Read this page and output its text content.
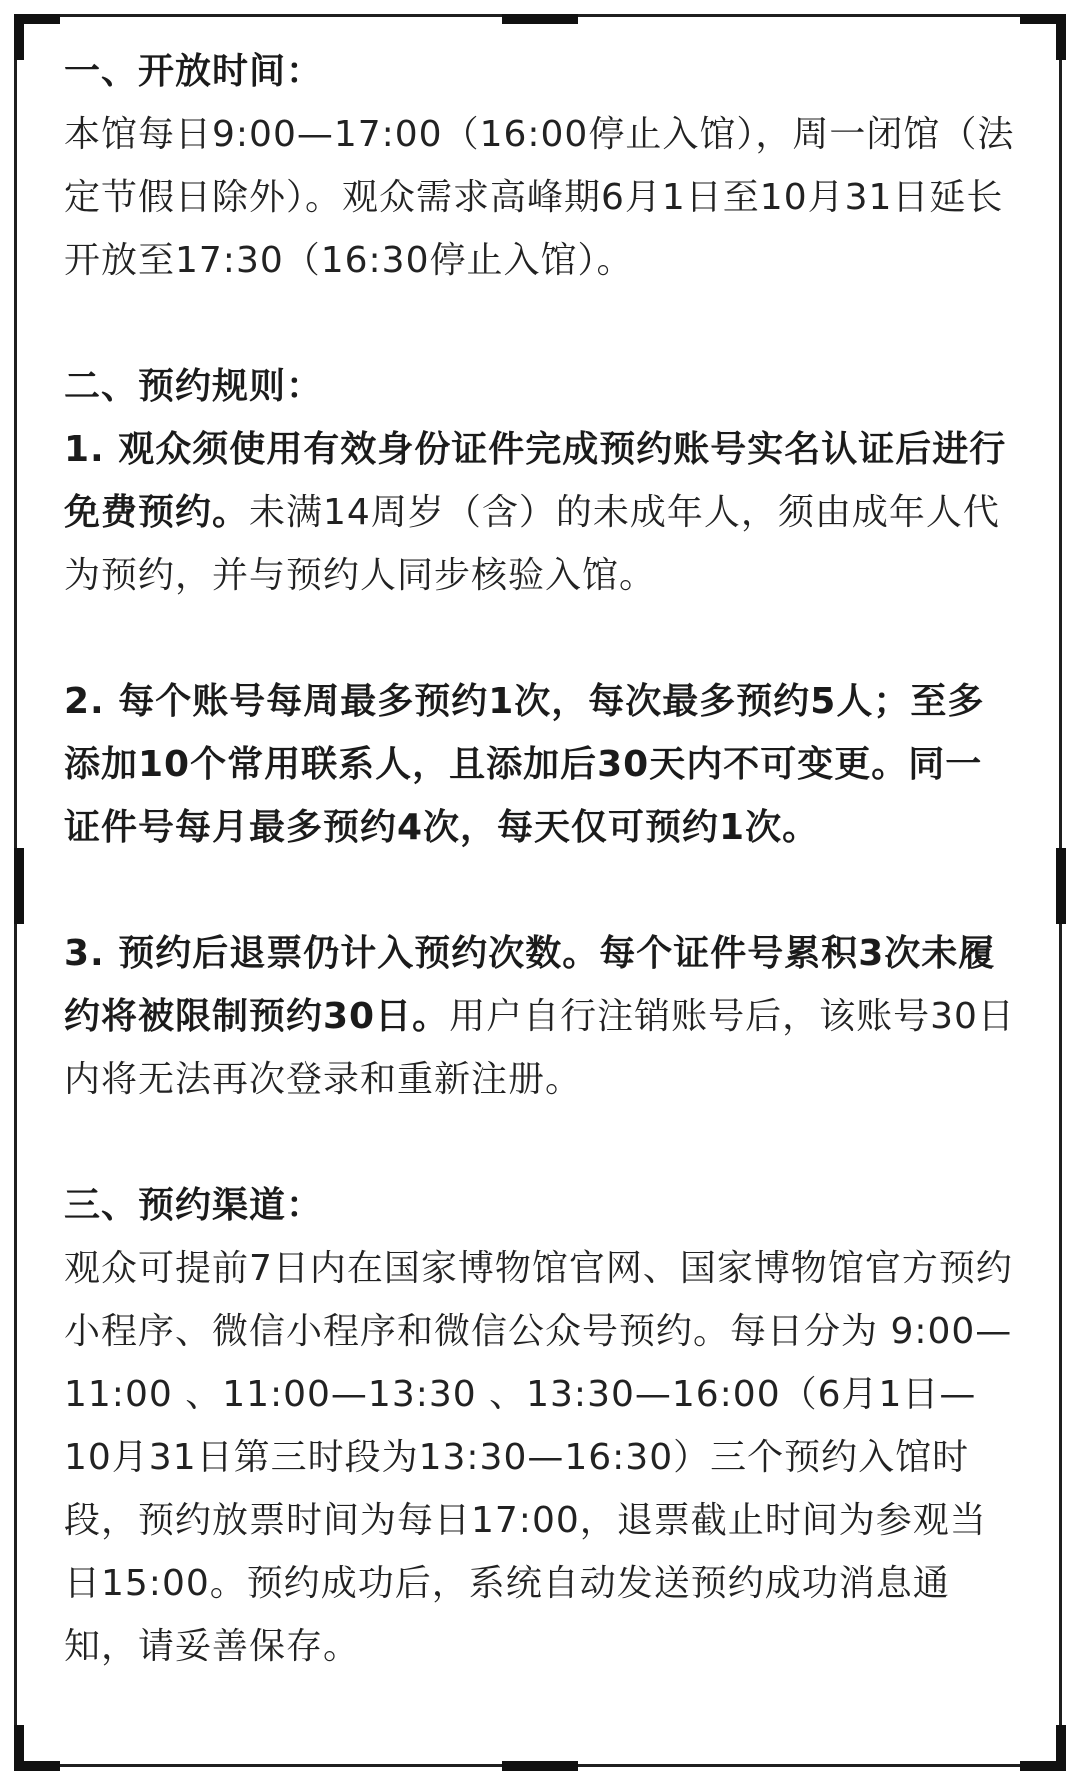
一、开放时间：

本馆每日9:00—17:00（16:00停止入馆），周一闭馆（法定节假日除外）。观众需求高峰期6月1日至10月31日延长开放至17:30（16:30停止入馆）。

二、预约规则：

1. 观众须使用有效身份证件完成预约账号实名认证后进行免费预约。未满14周岁（含）的未成年人，须由成年人代为预约，并与预约人同步核验入馆。

2. 每个账号每周最多预约1次，每次最多预约5人；至多添加10个常用联系人，且添加后30天内不可变更。同一证件号每月最多预约4次，每天仅可预约1次。

3. 预约后退票仍计入预约次数。每个证件号累积3次未履约将被限制预约30日。用户自行注销账号后，该账号30日内将无法再次登录和重新注册。

三、预约渠道：

观众可提前7日内在国家博物馆官网、国家博物馆官方预约小程序、微信小程序和微信公众号预约。每日分为 9:00—11:00 、11:00—13:30 、13:30—16:00（6月1日—10月31日第三时段为13:30—16:30）三个预约入馆时段，预约放票时间为每日17:00，退票截止时间为参观当日15:00。预约成功后，系统自动发送预约成功消息通知，请妥善保存。
